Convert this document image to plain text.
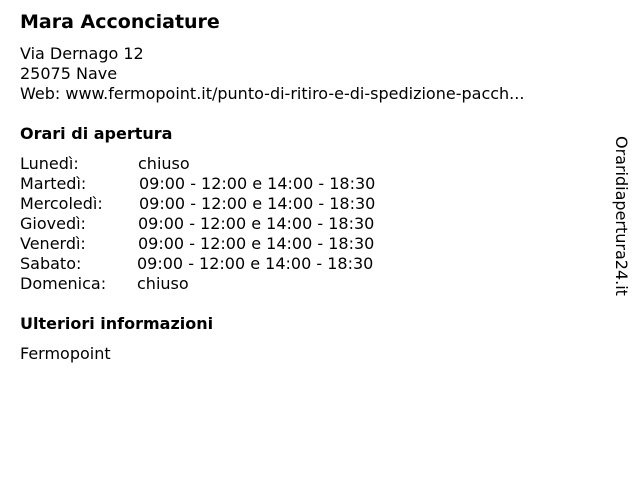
Mara Acconciature
Via Dernago 12
25075 Nave
Web: www.fermopoint.it/punto-di-ritiro-e-di-spedizione-pacch...
Orari di apertura
Lunedì:	chiuso
Martedì:	09:00 - 12:00 e 14:00 - 18:30
Mercoledì: 09:00 - 12:00 e 14:00 - 18:30
Giovedì:	09:00 - 12:00 e 14:00 - 18:30
Venerdì:	09:00 - 12:00 e 14:00 - 18:30
Sabato:	09:00 - 12:00 e 14:00 - 18:30
Domenica: chiuso
Ulteriori informazioni
Fermopoint
Oraridiapertura24.it
